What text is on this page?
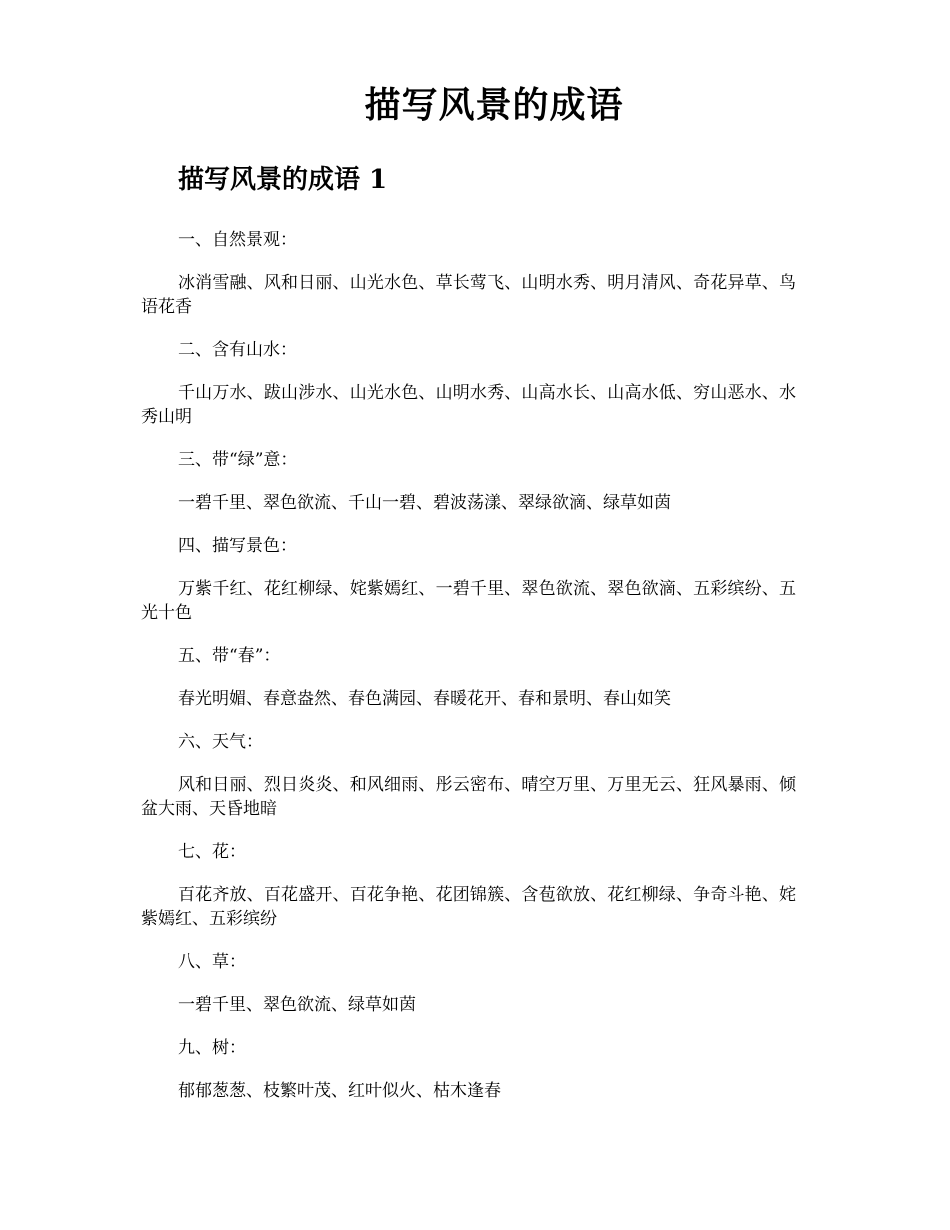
描写风景的成语
描写风景的成语 1

一、自然景观：

冰消雪融、风和日丽、山光水色、草长莺飞、山明水秀、明月清风、奇花异草、鸟语花香

二、含有山水：

千山万水、跋山涉水、山光水色、山明水秀、山高水长、山高水低、穷山恶水、水秀山明

三、带“绿”意：

一碧千里、翠色欲流、千山一碧、碧波荡漾、翠绿欲滴、绿草如茵

四、描写景色：

万紫千红、花红柳绿、姹紫嫣红、一碧千里、翠色欲流、翠色欲滴、五彩缤纷、五光十色

五、带“春”：

春光明媚、春意盎然、春色满园、春暖花开、春和景明、春山如笑

六、天气：

风和日丽、烈日炎炎、和风细雨、彤云密布、晴空万里、万里无云、狂风暴雨、倾盆大雨、天昏地暗

七、花：

百花齐放、百花盛开、百花争艳、花团锦簇、含苞欲放、花红柳绿、争奇斗艳、姹紫嫣红、五彩缤纷

八、草：

一碧千里、翠色欲流、绿草如茵

九、树：

郁郁葱葱、枝繁叶茂、红叶似火、枯木逢春
